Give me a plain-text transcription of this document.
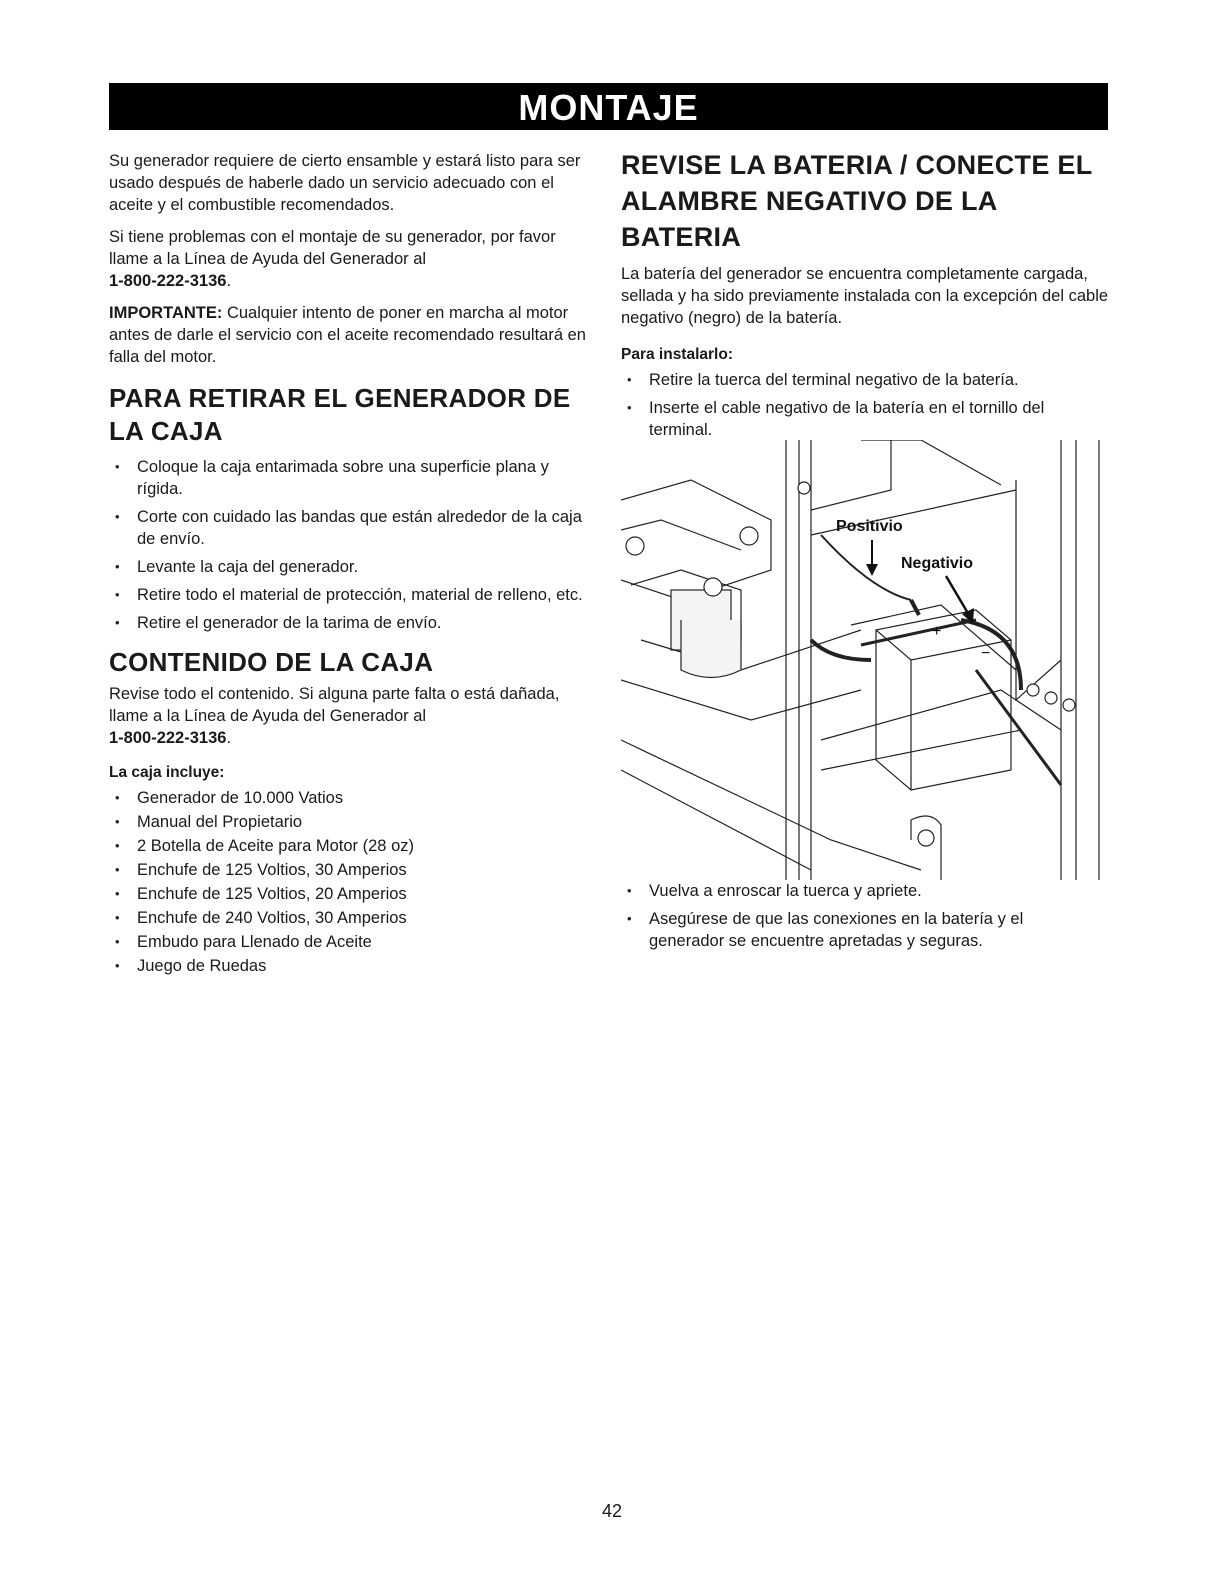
MONTAJE

Su generador requiere de cierto ensamble y estará listo para ser usado después de haberle dado un servicio adecuado con el aceite y el combustible recomendados.

Si tiene problemas con el montaje de su generador, por favor llame a la Línea de Ayuda del Generador al
1-800-222-3136.

IMPORTANTE: Cualquier intento de poner en marcha al motor antes de darle el servicio con el aceite recomendado resultará en falla del motor.

PARA RETIRAR EL GENERADOR DE LA CAJA
• Coloque la caja entarimada sobre una superficie plana y rígida.
• Corte con cuidado las bandas que están alrededor de la caja de envío.
• Levante la caja del generador.
• Retire todo el material de protección, material de relleno, etc.
• Retire el generador de la tarima de envío.
CONTENIDO DE LA CAJA

Revise todo el contenido. Si alguna parte falta o está dañada, llame a la Línea de Ayuda del Generador al
1-800-222-3136.

La caja incluye:
• Generador de 10.000 Vatios
• Manual del Propietario
• 2 Botella de Aceite para Motor (28 oz)
• Enchufe de 125 Voltios, 30 Amperios
• Enchufe de 125 Voltios, 20 Amperios
• Enchufe de 240 Voltios, 30 Amperios
• Embudo para Llenado de Aceite
• Juego de Ruedas
REVISE LA BATERIA / CONECTE EL ALAMBRE NEGATIVO DE LA BATERIA

La batería del generador se encuentra completamente cargada, sellada y ha sido previamente instalada con la excepción del cable negativo (negro) de la batería.

Para instalarlo:
• Retire la tuerca del terminal negativo de la batería.
• Inserte el cable negativo de la batería en el tornillo del terminal.
Positivio
Negativio
+
−
• Vuelva a enroscar la tuerca y apriete.
• Asegúrese de que las conexiones en la batería y el generador se encuentre apretadas y seguras.
42
